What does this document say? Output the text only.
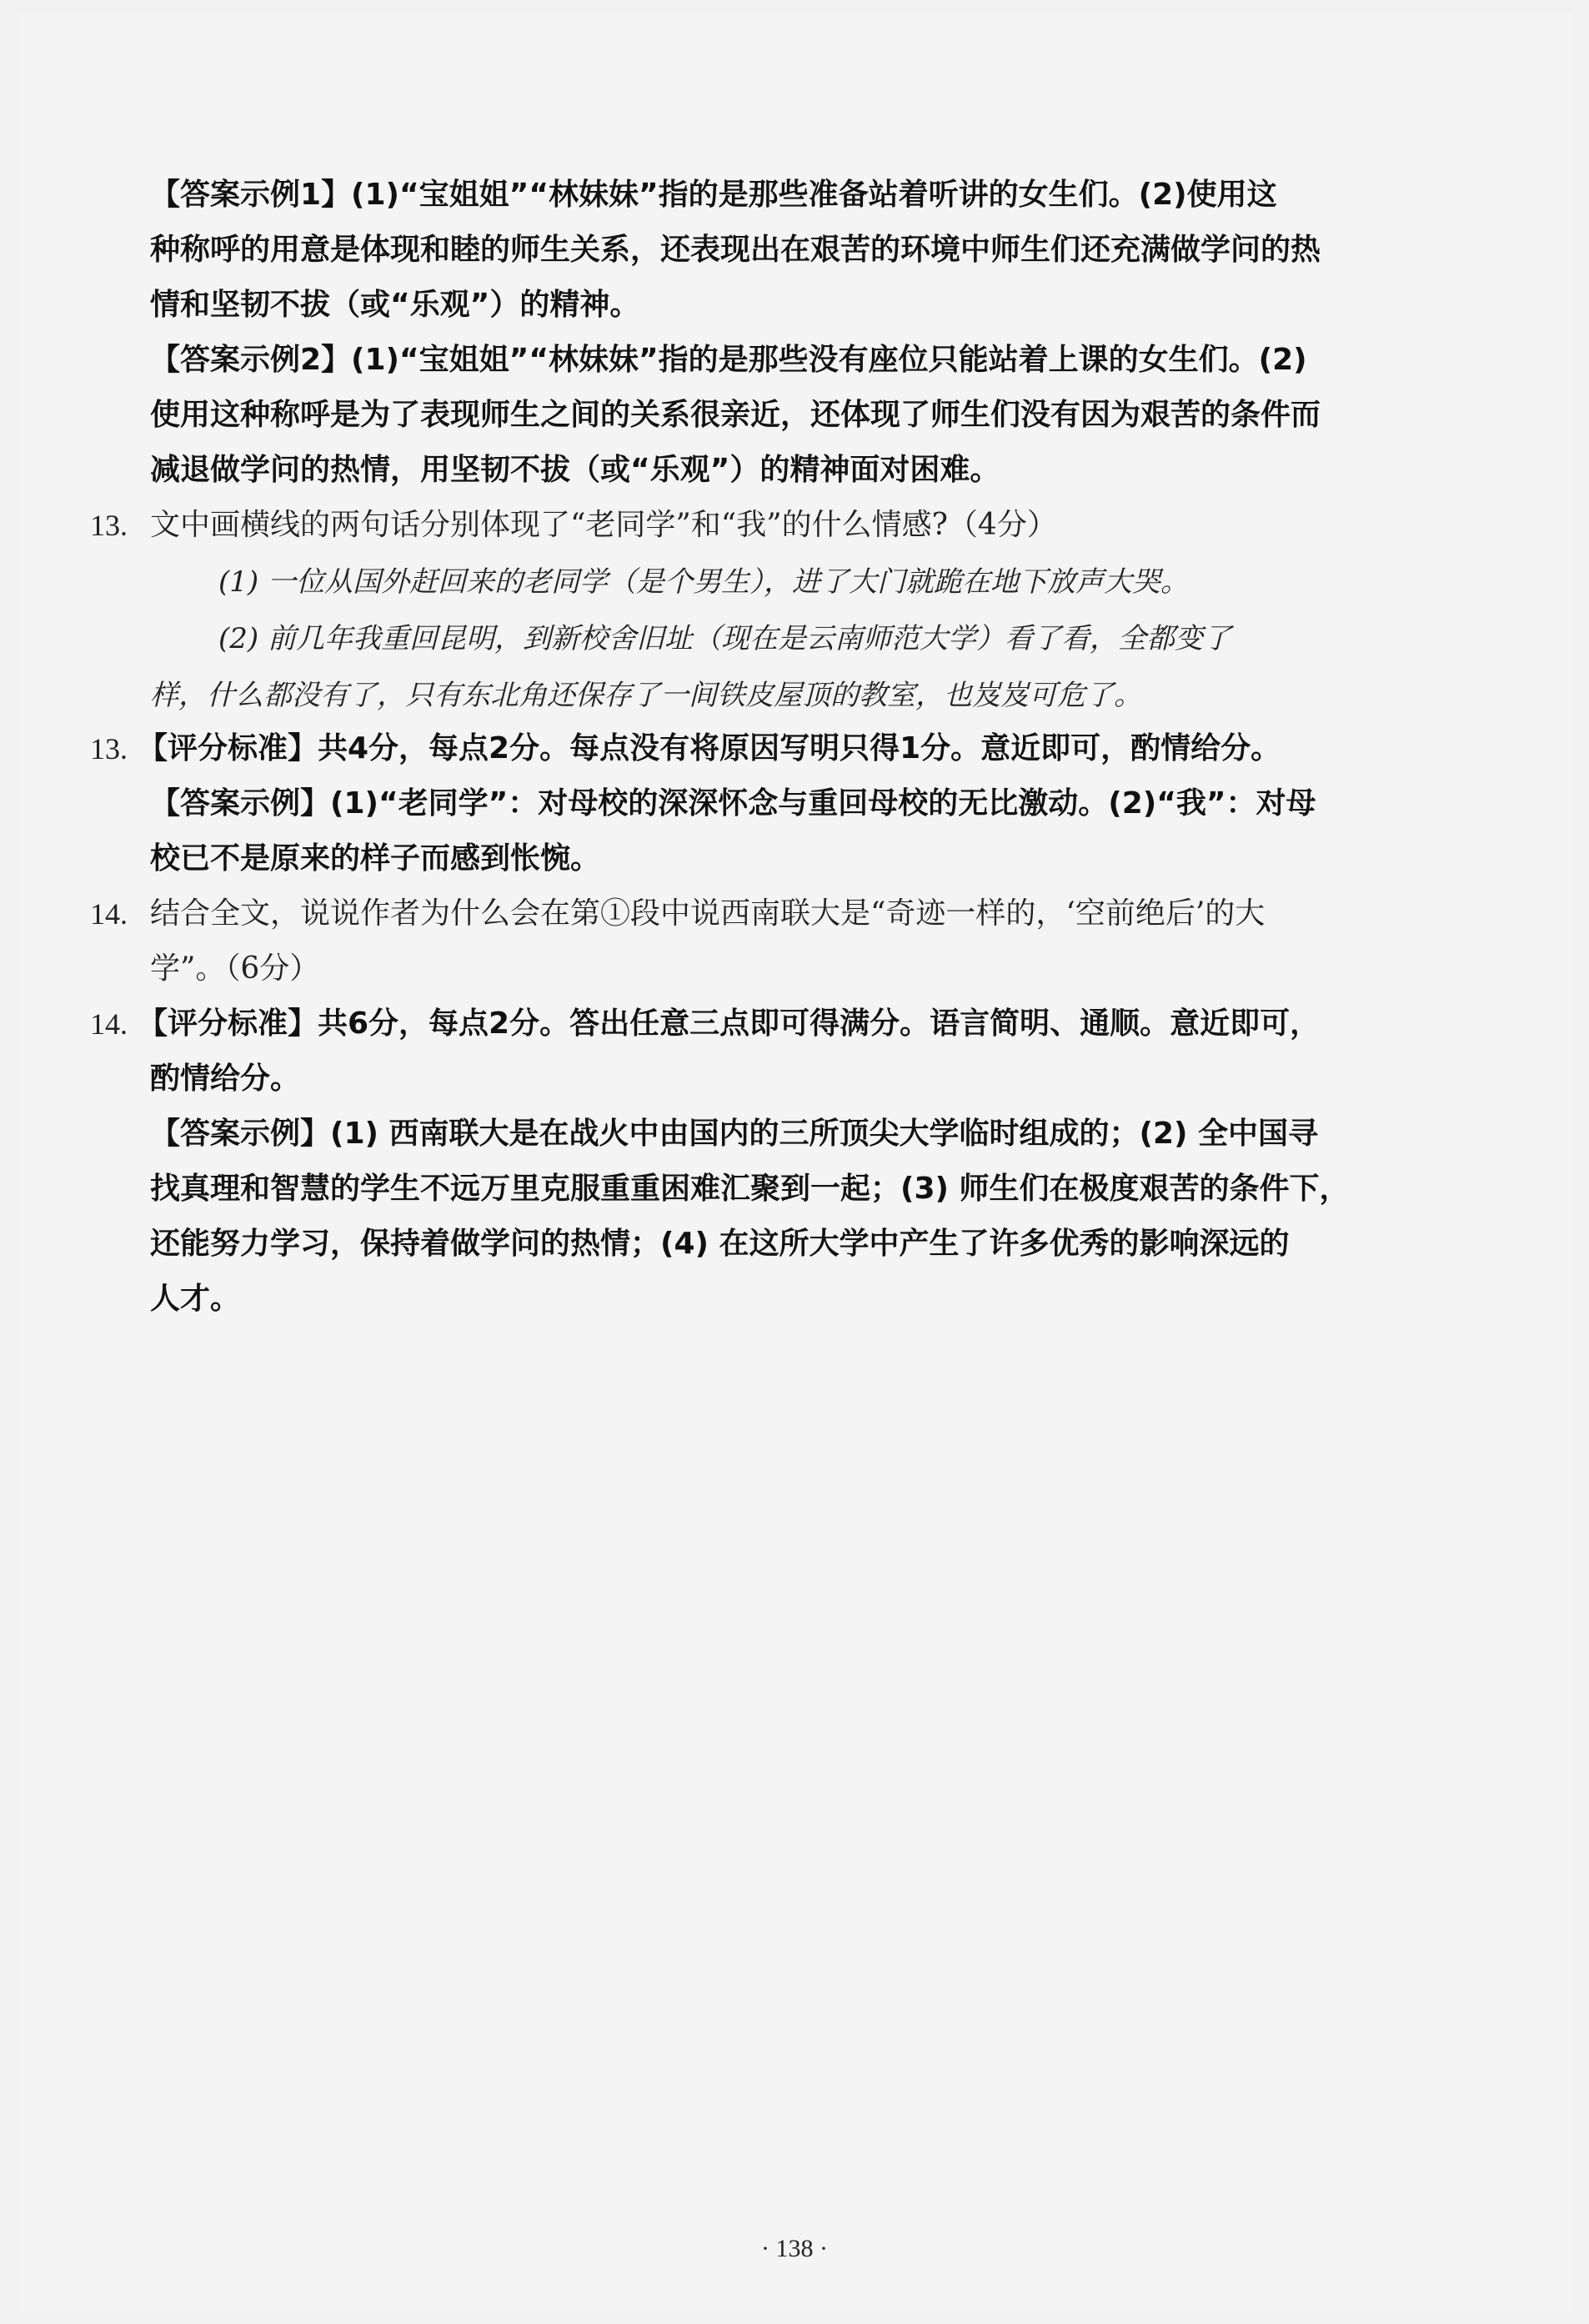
【答案示例1】(1)“宝姐姐”“林妹妹”指的是那些准备站着听讲的女生们。(2)使用这
种称呼的用意是体现和睦的师生关系，还表现出在艰苦的环境中师生们还充满做学问的热
情和坚韧不拔（或“乐观”）的精神。
【答案示例2】(1)“宝姐姐”“林妹妹”指的是那些没有座位只能站着上课的女生们。(2)
使用这种称呼是为了表现师生之间的关系很亲近，还体现了师生们没有因为艰苦的条件而
减退做学问的热情，用坚韧不拔（或“乐观”）的精神面对困难。
13. 文中画横线的两句话分别体现了“老同学”和“我”的什么情感?（4分）
(1) 一位从国外赶回来的老同学（是个男生），进了大门就跪在地下放声大哭。
(2) 前几年我重回昆明，到新校舍旧址（现在是云南师范大学）看了看，全都变了
样，什么都没有了，只有东北角还保存了一间铁皮屋顶的教室，也岌岌可危了。
13. 【评分标准】共4分，每点2分。每点没有将原因写明只得1分。意近即可，酌情给分。
【答案示例】(1)“老同学”：对母校的深深怀念与重回母校的无比激动。(2)“我”：对母
校已不是原来的样子而感到怅惋。
14. 结合全文，说说作者为什么会在第①段中说西南联大是“奇迹一样的，‘空前绝后’的大
学”。（6分）
14. 【评分标准】共6分，每点2分。答出任意三点即可得满分。语言简明、通顺。意近即可，
酌情给分。
【答案示例】(1) 西南联大是在战火中由国内的三所顶尖大学临时组成的；(2) 全中国寻
找真理和智慧的学生不远万里克服重重困难汇聚到一起；(3) 师生们在极度艰苦的条件下，
还能努力学习，保持着做学问的热情；(4) 在这所大学中产生了许多优秀的影响深远的
人才。
· 138 ·
